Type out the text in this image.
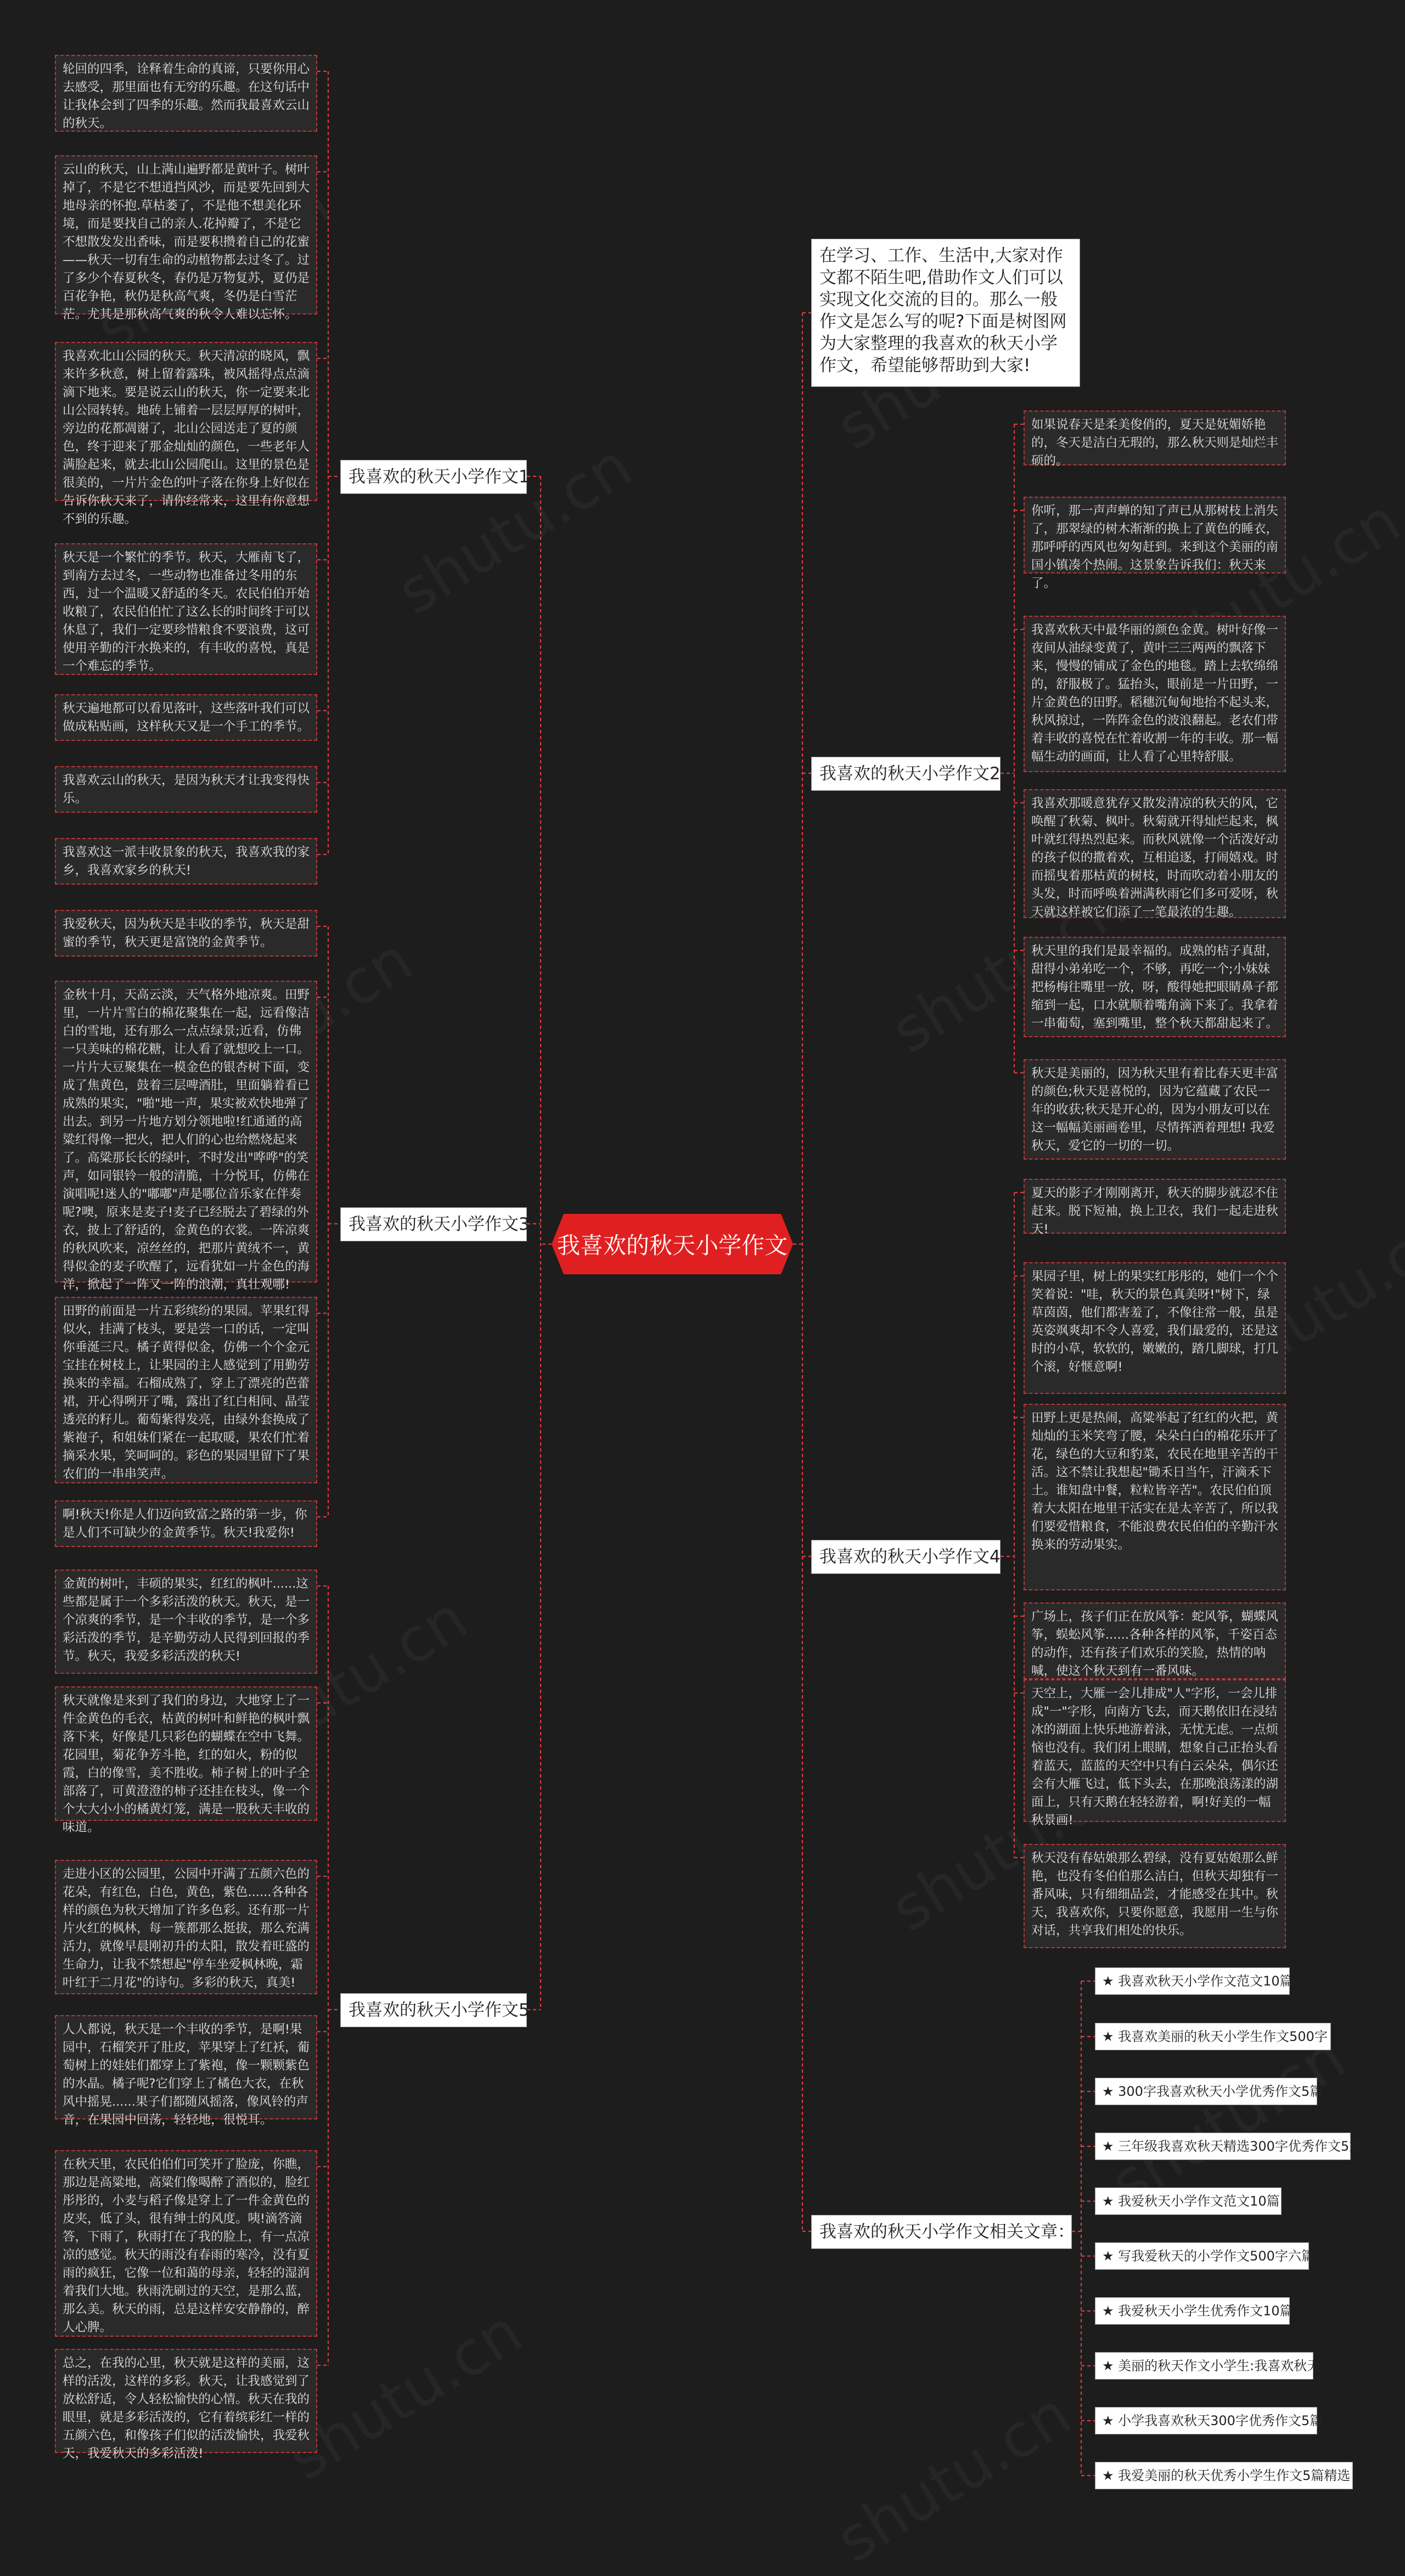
我喜欢的秋天小学作文
在学习、工作、生活中,大家对作文都不陌生吧,借助作文人们可以实现文化交流的目的。那么一般作文是怎么写的呢?下面是树图网为大家整理的我喜欢的秋天小学作文，希望能够帮助到大家!
我喜欢的秋天小学作文1
轮回的四季，诠释着生命的真谛，只要你用心去感受，那里面也有无穷的乐趣。在这句话中让我体会到了四季的乐趣。然而我最喜欢云山的秋天。
云山的秋天，山上满山遍野都是黄叶子。树叶掉了，不是它不想逍挡风沙，而是要先回到大地母亲的怀抱.草枯萎了，不是他不想美化环境，而是要找自己的亲人.花掉瓣了，不是它不想散发发出香味，而是要积攒着自己的花蜜——秋天一切有生命的动植物都去过冬了。过了多少个春夏秋冬，春仍是万物复苏，夏仍是百花争艳，秋仍是秋高气爽，冬仍是白雪茫茫。尤其是那秋高气爽的秋令人难以忘怀。
我喜欢北山公园的秋天。秋天清凉的晓风，飘来许多秋意，树上留着露珠，被风摇得点点滴滴下地来。要是说云山的秋天，你一定要来北山公园转转。地砖上铺着一层层厚厚的树叶，旁边的花都凋谢了，北山公园送走了夏的颜色，终于迎来了那金灿灿的颜色，一些老年人满脸起来，就去北山公园爬山。这里的景色是很美的，一片片金色的叶子落在你身上好似在告诉你秋天来了，请你经常来，这里有你意想不到的乐趣。
秋天是一个繁忙的季节。秋天，大雁南飞了，到南方去过冬，一些动物也准备过冬用的东西，过一个温暖又舒适的冬天。农民伯伯开始收粮了，农民伯伯忙了这么长的时间终于可以休息了，我们一定要珍惜粮食不要浪费，这可使用辛勤的汗水换来的，有丰收的喜悦，真是一个难忘的季节。
秋天遍地都可以看见落叶，这些落叶我们可以做成粘贴画，这样秋天又是一个手工的季节。
我喜欢云山的秋天，是因为秋天才让我变得快乐。
我喜欢这一派丰收景象的秋天，我喜欢我的家乡，我喜欢家乡的秋天!
我喜欢的秋天小学作文3
我爱秋天，因为秋天是丰收的季节，秋天是甜蜜的季节，秋天更是富饶的金黄季节。
金秋十月，天高云淡，天气格外地凉爽。田野里，一片片雪白的棉花聚集在一起，远看像洁白的雪地，还有那么一点点绿景;近看，仿佛一只美味的棉花糖，让人看了就想咬上一口。一片片大豆聚集在一模金色的银杏树下面，变成了焦黄色，鼓着三层啤酒肚，里面躺着看已成熟的果实，"啪"地一声，果实被欢快地弹了出去。到另一片地方划分领地啦!红通通的高粱红得像一把火，把人们的心也给燃烧起来了。高粱那长长的绿叶，不时发出"哗哗"的笑声，如同银铃一般的清脆，十分悦耳，仿佛在演唱呢!迷人的"嘟嘟"声是哪位音乐家在伴奏呢?噢，原来是麦子!麦子已经脱去了碧绿的外衣，披上了舒适的，金黄色的衣裳。一阵凉爽的秋风吹来，凉丝丝的，把那片黄绒不一，黄得似金的麦子吹醒了，远看犹如一片金色的海洋，掀起了一阵又一阵的浪潮，真壮观哪!
田野的前面是一片五彩缤纷的果园。苹果红得似火，挂满了枝头，要是尝一口的话，一定叫你垂涎三尺。橘子黄得似金，仿佛一个个金元宝挂在树枝上，让果园的主人感觉到了用勤劳换来的幸福。石榴成熟了，穿上了漂亮的芭蕾裙，开心得咧开了嘴，露出了红白相间、晶莹透亮的籽儿。葡萄紫得发亮，由绿外套换成了紫袍子，和姐妹们紧在一起取暖，果农们忙着摘采水果，笑呵呵的。彩色的果园里留下了果农们的一串串笑声。
啊!秋天!你是人们迈向致富之路的第一步，你是人们不可缺少的金黄季节。秋天!我爱你!
我喜欢的秋天小学作文5
金黄的树叶，丰硕的果实，红红的枫叶......这些都是属于一个多彩活泼的秋天。秋天，是一个凉爽的季节，是一个丰收的季节，是一个多彩活泼的季节，是辛勤劳动人民得到回报的季节。秋天，我爱多彩活泼的秋天!
秋天就像是来到了我们的身边，大地穿上了一件金黄色的毛衣，枯黄的树叶和鲜艳的枫叶飘落下来，好像是几只彩色的蝴蝶在空中飞舞。花园里，菊花争芳斗艳，红的如火，粉的似霞，白的像雪，美不胜收。柿子树上的叶子全部落了，可黄澄澄的柿子还挂在枝头，像一个个大大小小的橘黄灯笼，满是一股秋天丰收的味道。
走进小区的公园里，公园中开满了五颜六色的花朵，有红色，白色，黄色，紫色......各种各样的颜色为秋天增加了许多色彩。还有那一片片火红的枫林，每一簇都那么挺拔，那么充满活力，就像早晨刚初升的太阳，散发着旺盛的生命力，让我不禁想起"停车坐爱枫林晚，霜叶红于二月花"的诗句。多彩的秋天，真美!
人人都说，秋天是一个丰收的季节，是啊!果园中，石榴笑开了肚皮，苹果穿上了红袄，葡萄树上的娃娃们都穿上了紫袍，像一颗颗紫色的水晶。橘子呢?它们穿上了橘色大衣，在秋风中摇晃......果子们都随风摇落，像风铃的声音，在果园中回荡，轻轻地，很悦耳。
在秋天里，农民伯伯们可笑开了脸庞，你瞧，那边是高粱地，高粱们像喝醉了酒似的，脸红彤彤的，小麦与稻子像是穿上了一件金黄色的皮夹，低了头，很有绅士的风度。咦!滴答滴答，下雨了，秋雨打在了我的脸上，有一点凉凉的感觉。秋天的雨没有春雨的寒冷，没有夏雨的疯狂，它像一位和蔼的母亲，轻轻的湿润着我们大地。秋雨洗刷过的天空，是那么蓝，那么美。秋天的雨，总是这样安安静静的，醉人心脾。
总之，在我的心里，秋天就是这样的美丽，这样的活泼，这样的多彩。秋天，让我感觉到了放松舒适，令人轻松愉快的心情。秋天在我的眼里，就是多彩活泼的，它有着缤彩红一样的五颜六色，和像孩子们似的活泼愉快，我爱秋天，我爱秋天的多彩活泼!
我喜欢的秋天小学作文2
如果说春天是柔美俊俏的，夏天是妩媚娇艳的，冬天是洁白无瑕的，那么秋天则是灿烂丰硕的。
你听，那一声声蝉的知了声已从那树枝上消失了，那翠绿的树木渐渐的换上了黄色的睡衣，那呼呼的西风也匆匆赶到。来到这个美丽的南国小镇凑个热闹。这景象告诉我们：秋天来了。
我喜欢秋天中最华丽的颜色金黄。树叶好像一夜间从油绿变黄了，黄叶三三两两的飘落下来，慢慢的铺成了金色的地毯。踏上去软绵绵的，舒服极了。猛抬头，眼前是一片田野，一片金黄色的田野。稻穗沉甸甸地抬不起头来，秋风掠过，一阵阵金色的波浪翻起。老农们带着丰收的喜悦在忙着收割一年的丰收。那一幅幅生动的画面，让人看了心里特舒服。
我喜欢那暖意犹存又散发清凉的秋天的风，它唤醒了秋菊、枫叶。秋菊就开得灿烂起来，枫叶就红得热烈起来。而秋风就像一个活泼好动的孩子似的撒着欢，互相追逐，打闹嬉戏。时而摇曳着那枯黄的树枝，时而吹动着小朋友的头发，时而呼唤着洲满秋雨它们多可爱呀，秋天就这样被它们添了一笔最浓的生趣。
秋天里的我们是最幸福的。成熟的桔子真甜，甜得小弟弟吃一个，不够，再吃一个;小妹妹把杨梅往嘴里一放，呀，酸得她把眼睛鼻子都缩到一起，口水就顺着嘴角滴下来了。我拿着一串葡萄，塞到嘴里，整个秋天都甜起来了。
秋天是美丽的，因为秋天里有着比春天更丰富的颜色;秋天是喜悦的，因为它蕴藏了农民一年的收获;秋天是开心的，因为小朋友可以在这一幅幅美丽画卷里，尽情挥洒着理想! 我爱秋天，爱它的一切的一切。
我喜欢的秋天小学作文4
夏天的影子才刚刚离开，秋天的脚步就忍不住赶来。脱下短袖，换上卫衣，我们一起走进秋天!
果园子里，树上的果实红彤彤的，她们一个个笑着说："哇，秋天的景色真美呀!"树下，绿草茵茵，他们都害羞了，不像往常一般，虽是英姿飒爽却不令人喜爱，我们最爱的，还是这时的小草，软软的，嫩嫩的，踏几脚球，打几个滚，好惬意啊!
田野上更是热闹，高粱举起了红红的火把，黄灿灿的玉米笑弯了腰，朵朵白白的棉花乐开了花，绿色的大豆和豹菜，农民在地里辛苦的干活。这不禁让我想起"锄禾日当午，汗滴禾下土。谁知盘中餐，粒粒皆辛苦"。农民伯伯顶着大太阳在地里干活实在是太辛苦了，所以我们要爱惜粮食，不能浪费农民伯伯的辛勤汗水换来的劳动果实。
广场上，孩子们正在放风筝：蛇风筝，蝴蝶风筝，蜈蚣风筝......各种各样的风筝，千姿百态的动作，还有孩子们欢乐的笑脸，热情的呐喊，使这个秋天到有一番风味。
天空上，大雁一会儿排成"人"字形，一会儿排成"一"字形，向南方飞去，而天鹅依旧在浸结冰的湖面上快乐地游着泳，无忧无虑。一点烦恼也没有。我们闭上眼睛，想象自己正抬头看着蓝天，蓝蓝的天空中只有白云朵朵，偶尔还会有大雁飞过，低下头去，在那晚浪荡漾的湖面上，只有天鹅在轻轻游着，啊!好美的一幅秋景画!
秋天没有春姑娘那么碧绿，没有夏姑娘那么鲜艳，也没有冬伯伯那么洁白，但秋天却独有一番风味，只有细细品尝，才能感受在其中。秋天，我喜欢你，只要你愿意，我愿用一生与你对话，共享我们相处的快乐。
我喜欢的秋天小学作文相关文章：
★ 我喜欢秋天小学作文范文10篇
★ 我喜欢美丽的秋天小学生作文500字
★ 300字我喜欢秋天小学优秀作文5篇
★ 三年级我喜欢秋天精选300字优秀作文5篇
★ 我爱秋天小学作文范文10篇
★ 写我爱秋天的小学作文500字六篇
★ 我爱秋天小学生优秀作文10篇
★ 美丽的秋天作文小学生:我喜欢秋天
★ 小学我喜欢秋天300字优秀作文5篇
★ 我爱美丽的秋天优秀小学生作文5篇精选
